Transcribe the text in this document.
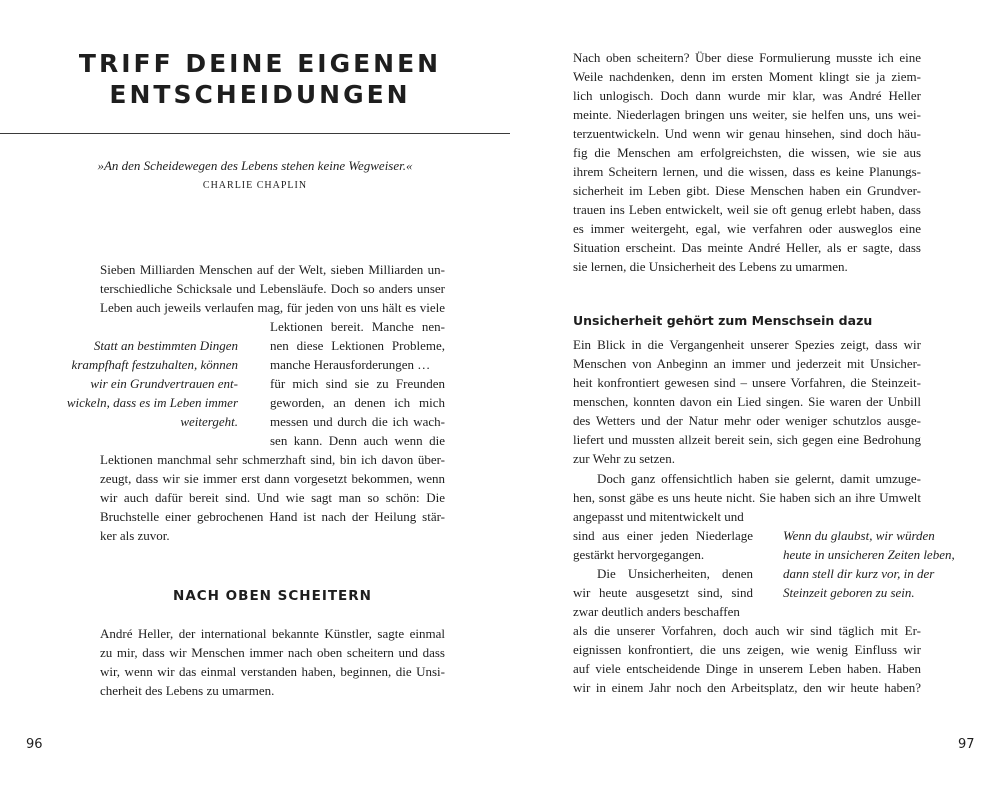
TRIFF DEINE EIGENEN
ENTSCHEIDUNGEN
»An den Scheidewegen des Lebens stehen keine Wegweiser.«
CHARLIE CHAPLIN
Sieben Milliarden Menschen auf der Welt, sieben Milliarden un-
terschiedliche Schicksale und Lebensläufe. Doch so anders unser
Leben auch jeweils verlaufen mag, für jeden von uns hält es viele
Lektionen bereit. Manche nen-
nen diese Lektionen Probleme,
manche Herausforderungen …
für mich sind sie zu Freunden
geworden, an denen ich mich
messen und durch die ich wach-
sen kann. Denn auch wenn die
Statt an bestimmten Dingen
krampfhaft festzuhalten, können
wir ein Grundvertrauen ent-
wickeln, dass es im Leben immer
weitergeht.
Lektionen manchmal sehr schmerzhaft sind, bin ich davon über-
zeugt, dass wir sie immer erst dann vorgesetzt bekommen, wenn
wir auch dafür bereit sind. Und wie sagt man so schön: Die
Bruchstelle einer gebrochenen Hand ist nach der Heilung stär-
ker als zuvor.
NACH OBEN SCHEITERN
André Heller, der international bekannte Künstler, sagte einmal
zu mir, dass wir Menschen immer nach oben scheitern und dass
wir, wenn wir das einmal verstanden haben, beginnen, die Unsi-
cherheit des Lebens zu umarmen.
96
Nach oben scheitern? Über diese Formulierung musste ich eine
Weile nachdenken, denn im ersten Moment klingt sie ja ziem-
lich unlogisch. Doch dann wurde mir klar, was André Heller
meinte. Niederlagen bringen uns weiter, sie helfen uns, uns wei-
terzuentwickeln. Und wenn wir genau hinsehen, sind doch häu-
fig die Menschen am erfolgreichsten, die wissen, wie sie aus
ihrem Scheitern lernen, und die wissen, dass es keine Planungs-
sicherheit im Leben gibt. Diese Menschen haben ein Grundver-
trauen ins Leben entwickelt, weil sie oft genug erlebt haben, dass
es immer weitergeht, egal, wie verfahren oder ausweglos eine
Situation erscheint. Das meinte André Heller, als er sagte, dass
sie lernen, die Unsicherheit des Lebens zu umarmen.
Unsicherheit gehört zum Menschsein dazu
Ein Blick in die Vergangenheit unserer Spezies zeigt, dass wir
Menschen von Anbeginn an immer und jederzeit mit Unsicher-
heit konfrontiert gewesen sind – unsere Vorfahren, die Steinzeit-
menschen, konnten davon ein Lied singen. Sie waren der Unbill
des Wetters und der Natur mehr oder weniger schutzlos ausge-
liefert und mussten allzeit bereit sein, sich gegen eine Bedrohung
zur Wehr zu setzen.
Doch ganz offensichtlich haben sie gelernt, damit umzuge-
hen, sonst gäbe es uns heute nicht. Sie haben sich an ihre Umwelt
angepasst und mitentwickelt und
sind aus einer jeden Niederlage
gestärkt hervorgegangen.
Die Unsicherheiten, denen
wir heute ausgesetzt sind, sind
zwar deutlich anders beschaffen
Wenn du glaubst, wir würden
heute in unsicheren Zeiten leben,
dann stell dir kurz vor, in der
Steinzeit geboren zu sein.
als die unserer Vorfahren, doch auch wir sind täglich mit Er-
eignissen konfrontiert, die uns zeigen, wie wenig Einfluss wir
auf viele entscheidende Dinge in unserem Leben haben. Haben
wir in einem Jahr noch den Arbeitsplatz, den wir heute haben?
97
